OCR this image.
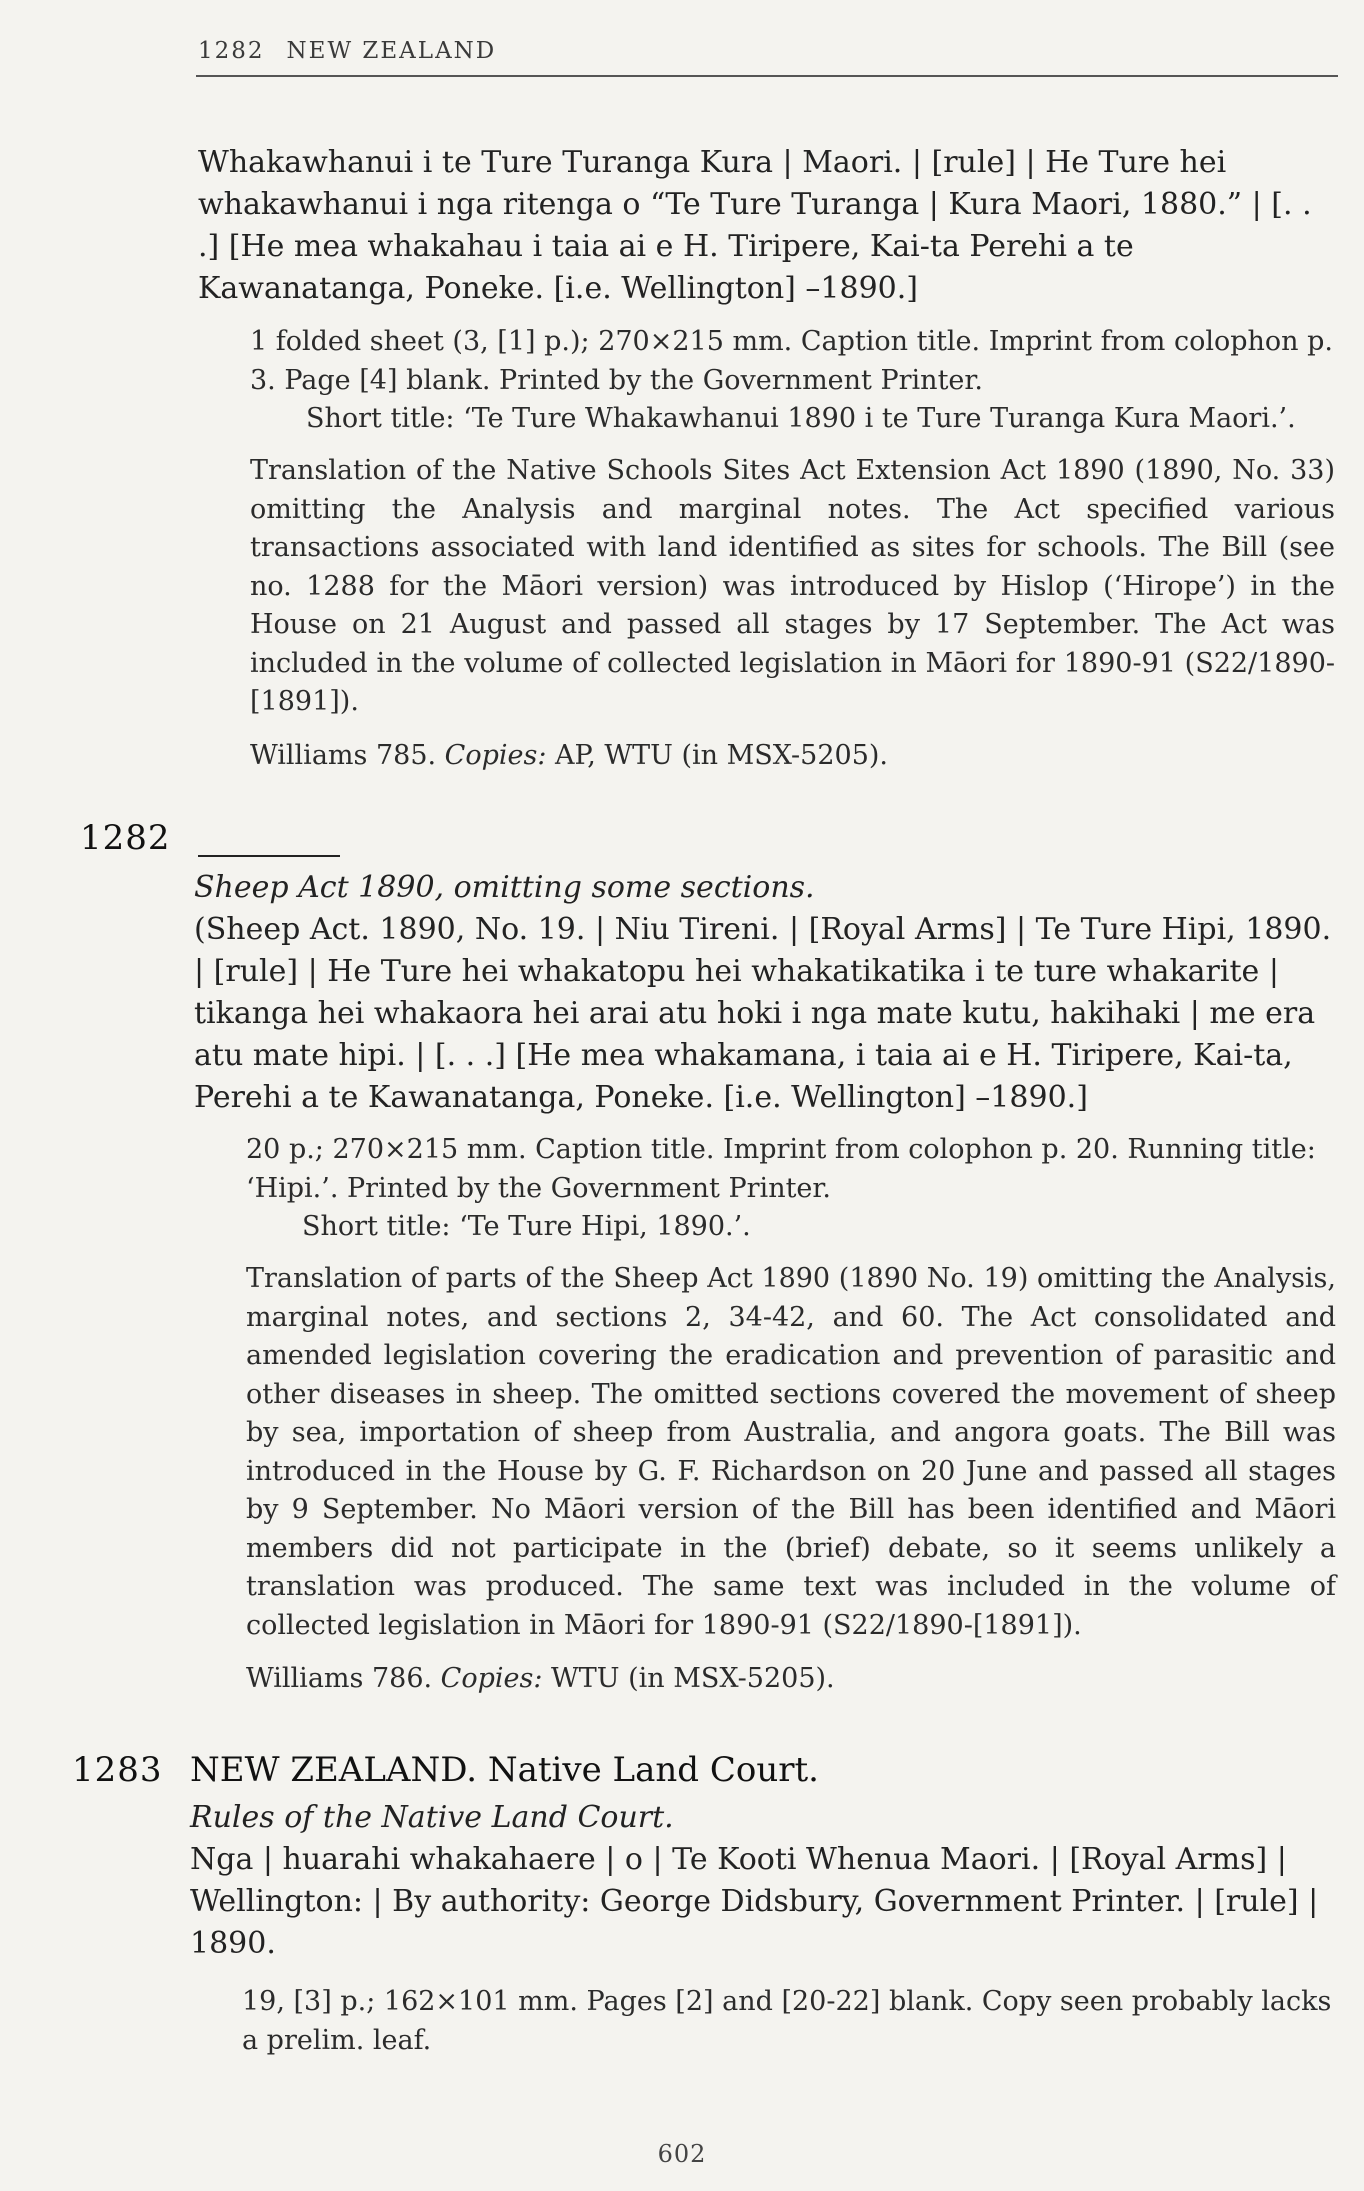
1282 NEW ZEALAND

Whakawhanui i te Ture Turanga Kura | Maori. | [rule] | He Ture hei whakawhanui i nga ritenga o “Te Ture Turanga | Kura Maori, 1880.” | [. . .] [He mea whakahau i taia ai e H. Tiripere, Kai-ta Perehi a te Kawanatanga, Poneke. [i.e. Wellington] –1890.]

1 folded sheet (3, [1] p.); 270×215 mm. Caption title. Imprint from colophon p. 3. Page [4] blank. Printed by the Government Printer.

Short title: ‘Te Ture Whakawhanui 1890 i te Ture Turanga Kura Maori.’.

Translation of the Native Schools Sites Act Extension Act 1890 (1890, No. 33) omitting the Analysis and marginal notes. The Act specified various transactions associated with land identified as sites for schools. The Bill (see no. 1288 for the Māori version) was introduced by Hislop (‘Hirope’) in the House on 21 August and passed all stages by 17 September. The Act was included in the volume of collected legislation in Māori for 1890-91 (S22/1890-[1891]).

Williams 785. Copies: AP, WTU (in MSX-5205).

1282

Sheep Act 1890, omitting some sections.

(Sheep Act. 1890, No. 19. | Niu Tireni. | [Royal Arms] | Te Ture Hipi, 1890. | [rule] | He Ture hei whakatopu hei whakatikatika i te ture whakarite | tikanga hei whakaora hei arai atu hoki i nga mate kutu, hakihaki | me era atu mate hipi. | [. . .] [He mea whakamana, i taia ai e H. Tiripere, Kai-ta, Perehi a te Kawanatanga, Poneke. [i.e. Wellington] –1890.]

20 p.; 270×215 mm. Caption title. Imprint from colophon p. 20. Running title: ‘Hipi.’. Printed by the Government Printer.

Short title: ‘Te Ture Hipi, 1890.’.

Translation of parts of the Sheep Act 1890 (1890 No. 19) omitting the Analysis, marginal notes, and sections 2, 34-42, and 60. The Act consolidated and amended legislation covering the eradication and prevention of parasitic and other diseases in sheep. The omitted sections covered the movement of sheep by sea, importation of sheep from Australia, and angora goats. The Bill was introduced in the House by G. F. Richardson on 20 June and passed all stages by 9 September. No Māori version of the Bill has been identified and Māori members did not participate in the (brief) debate, so it seems unlikely a translation was produced. The same text was included in the volume of collected legislation in Māori for 1890-91 (S22/1890-[1891]).

Williams 786. Copies: WTU (in MSX-5205).

1283 NEW ZEALAND. Native Land Court.

Rules of the Native Land Court.

Nga | huarahi whakahaere | o | Te Kooti Whenua Maori. | [Royal Arms] | Wellington: | By authority: George Didsbury, Government Printer. | [rule] | 1890.

19, [3] p.; 162×101 mm. Pages [2] and [20-22] blank. Copy seen probably lacks a prelim. leaf.

602
